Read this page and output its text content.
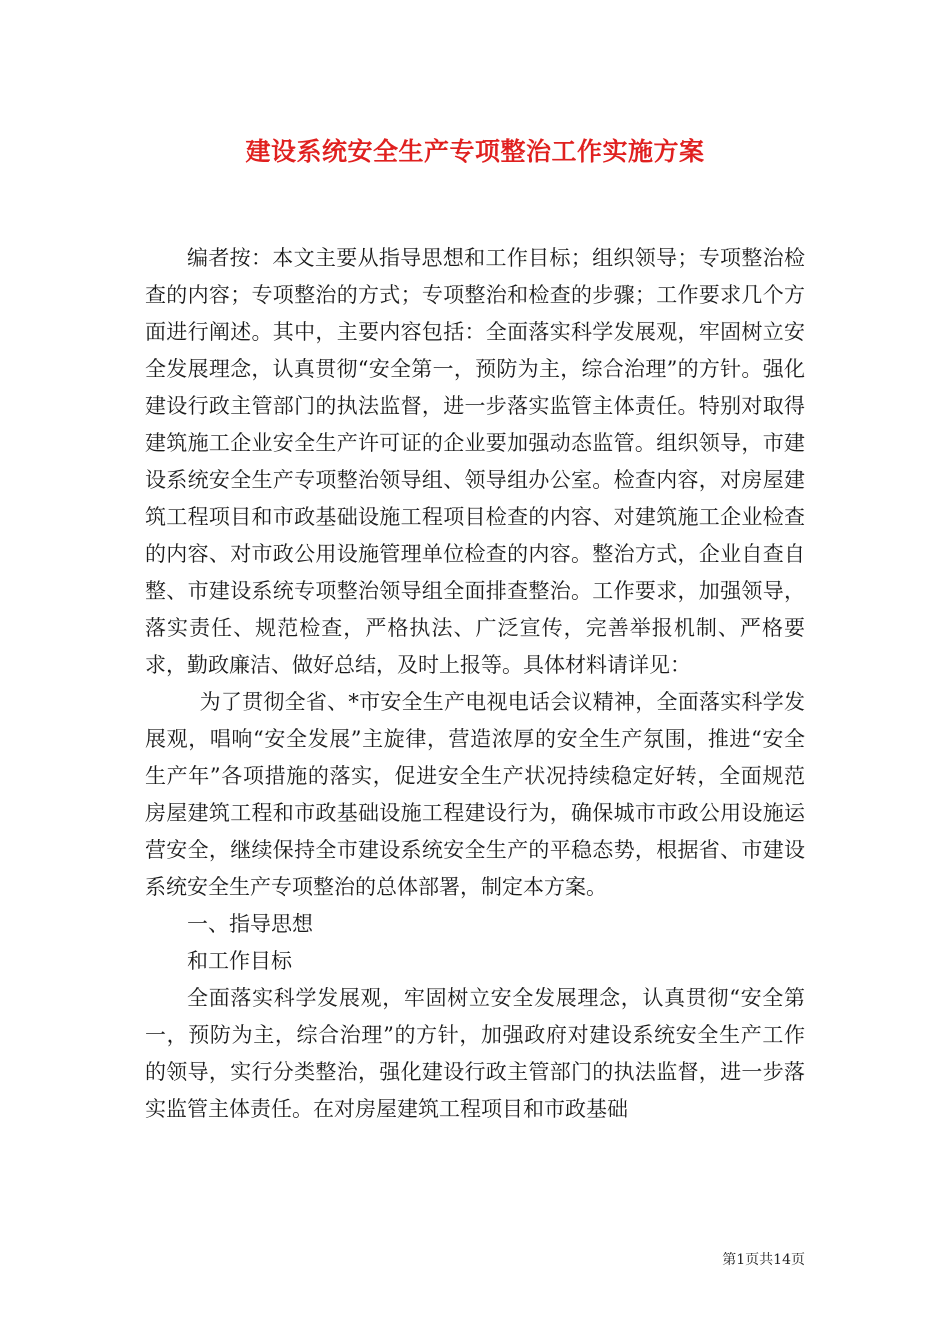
建设系统安全生产专项整治工作实施方案

编者按：本文主要从指导思想和工作目标；组织领导；专项整治检查的内容；专项整治的方式；专项整治和检查的步骤；工作要求几个方面进行阐述。其中，主要内容包括：全面落实科学发展观，牢固树立安全发展理念，认真贯彻“安全第一，预防为主，综合治理”的方针。强化建设行政主管部门的执法监督，进一步落实监管主体责任。特别对取得建筑施工企业安全生产许可证的企业要加强动态监管。组织领导，市建设系统安全生产专项整治领导组、领导组办公室。检查内容，对房屋建筑工程项目和市政基础设施工程项目检查的内容、对建筑施工企业检查的内容、对市政公用设施管理单位检查的内容。整治方式，企业自查自整、市建设系统专项整治领导组全面排查整治。工作要求，加强领导，落实责任、规范检查，严格执法、广泛宣传，完善举报机制、严格要求，勤政廉洁、做好总结，及时上报等。具体材料请详见：

为了贯彻全省、*市安全生产电视电话会议精神，全面落实科学发展观，唱响“安全发展”主旋律，营造浓厚的安全生产氛围，推进“安全生产年”各项措施的落实，促进安全生产状况持续稳定好转，全面规范房屋建筑工程和市政基础设施工程建设行为，确保城市市政公用设施运营安全，继续保持全市建设系统安全生产的平稳态势，根据省、市建设系统安全生产专项整治的总体部署，制定本方案。

一、指导思想

和工作目标

全面落实科学发展观，牢固树立安全发展理念，认真贯彻“安全第一，预防为主，综合治理”的方针，加强政府对建设系统安全生产工作的领导，实行分类整治，强化建设行政主管部门的执法监督，进一步落实监管主体责任。在对房屋建筑工程项目和市政基础

第1页共14页
